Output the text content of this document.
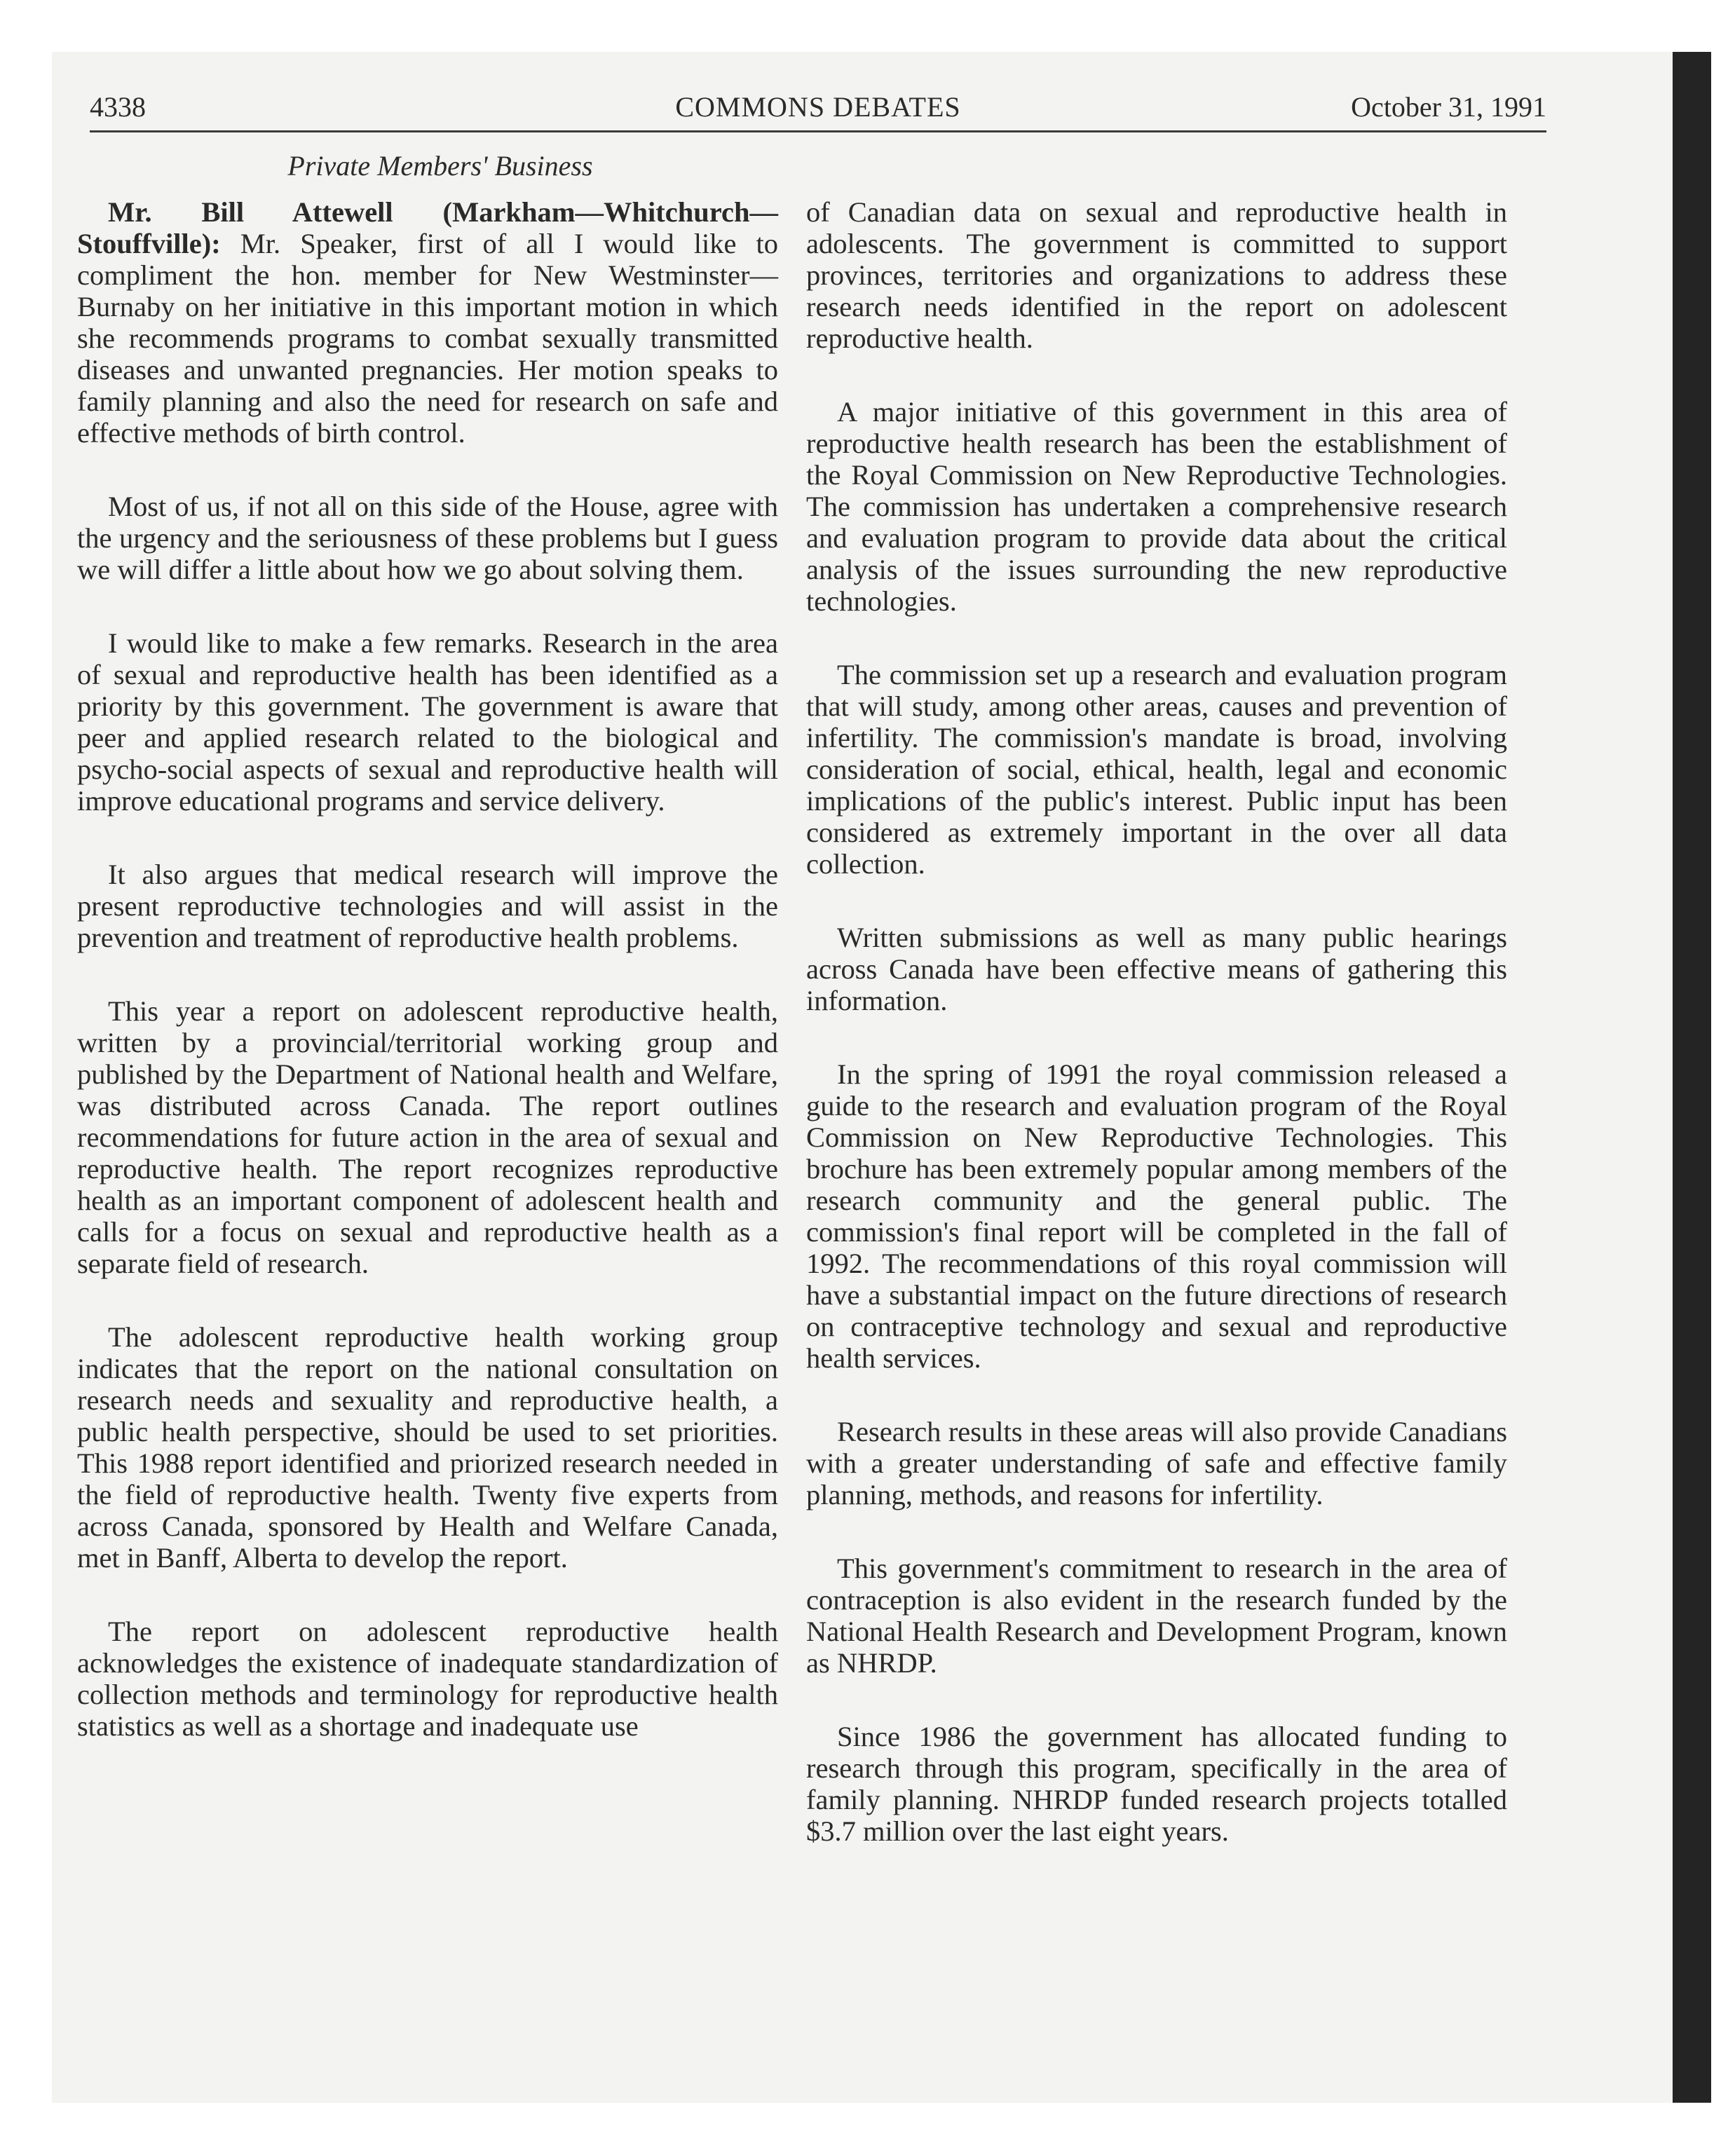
4338	COMMONS DEBATES	October 31, 1991
Private Members' Business

Mr. Bill Attewell (Markham—Whitchurch—Stouffville): Mr. Speaker, first of all I would like to compliment the hon. member for New Westminster—Burnaby on her initiative in this important motion in which she recommends programs to combat sexually transmitted diseases and unwanted pregnancies. Her motion speaks to family planning and also the need for research on safe and effective methods of birth control.

Most of us, if not all on this side of the House, agree with the urgency and the seriousness of these problems but I guess we will differ a little about how we go about solving them.

I would like to make a few remarks. Research in the area of sexual and reproductive health has been identified as a priority by this government. The government is aware that peer and applied research related to the biological and psycho-social aspects of sexual and reproductive health will improve educational programs and service delivery.

It also argues that medical research will improve the present reproductive technologies and will assist in the prevention and treatment of reproductive health problems.

This year a report on adolescent reproductive health, written by a provincial/territorial working group and published by the Department of National health and Welfare, was distributed across Canada. The report outlines recommendations for future action in the area of sexual and reproductive health. The report recognizes reproductive health as an important component of adolescent health and calls for a focus on sexual and reproductive health as a separate field of research.

The adolescent reproductive health working group indicates that the report on the national consultation on research needs and sexuality and reproductive health, a public health perspective, should be used to set priorities. This 1988 report identified and priorized research needed in the field of reproductive health. Twenty five experts from across Canada, sponsored by Health and Welfare Canada, met in Banff, Alberta to develop the report.

The report on adolescent reproductive health acknowledges the existence of inadequate standardization of collection methods and terminology for reproductive health statistics as well as a shortage and inadequate use

of Canadian data on sexual and reproductive health in adolescents. The government is committed to support provinces, territories and organizations to address these research needs identified in the report on adolescent reproductive health.

A major initiative of this government in this area of reproductive health research has been the establishment of the Royal Commission on New Reproductive Technologies. The commission has undertaken a comprehensive research and evaluation program to provide data about the critical analysis of the issues surrounding the new reproductive technologies.

The commission set up a research and evaluation program that will study, among other areas, causes and prevention of infertility. The commission's mandate is broad, involving consideration of social, ethical, health, legal and economic implications of the public's interest. Public input has been considered as extremely important in the over all data collection.

Written submissions as well as many public hearings across Canada have been effective means of gathering this information.

In the spring of 1991 the royal commission released a guide to the research and evaluation program of the Royal Commission on New Reproductive Technologies. This brochure has been extremely popular among members of the research community and the general public. The commission's final report will be completed in the fall of 1992. The recommendations of this royal commission will have a substantial impact on the future directions of research on contraceptive technology and sexual and reproductive health services.

Research results in these areas will also provide Canadians with a greater understanding of safe and effective family planning, methods, and reasons for infertility.

This government's commitment to research in the area of contraception is also evident in the research funded by the National Health Research and Development Program, known as NHRDP.

Since 1986 the government has allocated funding to research through this program, specifically in the area of family planning. NHRDP funded research projects totalled $3.7 million over the last eight years.
